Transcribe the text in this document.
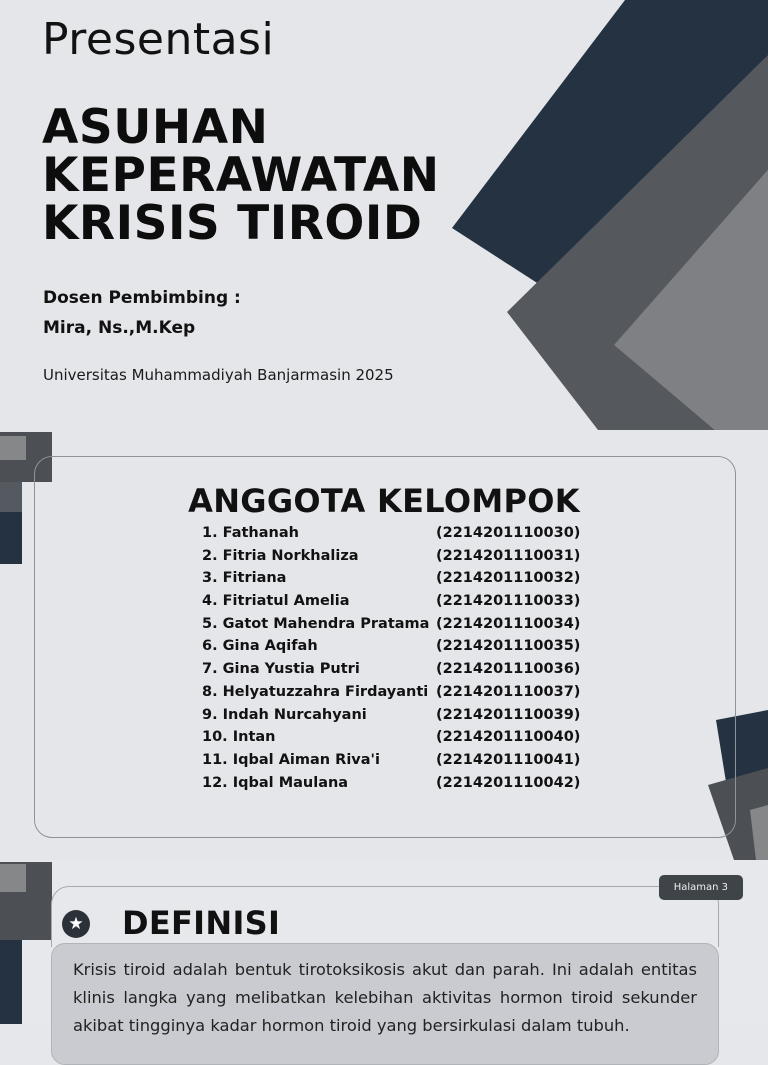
Presentasi
ASUHAN
KEPERAWATAN
KRISIS TIROID
Dosen Pembimbing :
Mira, Ns.,M.Kep
Universitas Muhammadiyah Banjarmasin 2025
ANGGOTA KELOMPOK
1. Fathanah	(2214201110030)
2. Fitria Norkhaliza	(2214201110031)
3. Fitriana	(2214201110032)
4. Fitriatul Amelia	(2214201110033)
5. Gatot Mahendra Pratama (2214201110034)
6. Gina Aqifah	(2214201110035)
7. Gina Yustia Putri	(2214201110036)
8. Helyatuzzahra Firdayanti (2214201110037)
9. Indah Nurcahyani	(2214201110039)
10. Intan	(2214201110040)
11. Iqbal Aiman Riva'i	(2214201110041)
12. Iqbal Maulana	(2214201110042)
Halaman 3
★ DEFINISI
Krisis tiroid adalah bentuk tirotoksikosis akut dan parah. Ini adalah entitas klinis langka yang melibatkan kelebihan aktivitas hormon tiroid sekunder akibat tingginya kadar hormon tiroid yang bersirkulasi dalam tubuh.
